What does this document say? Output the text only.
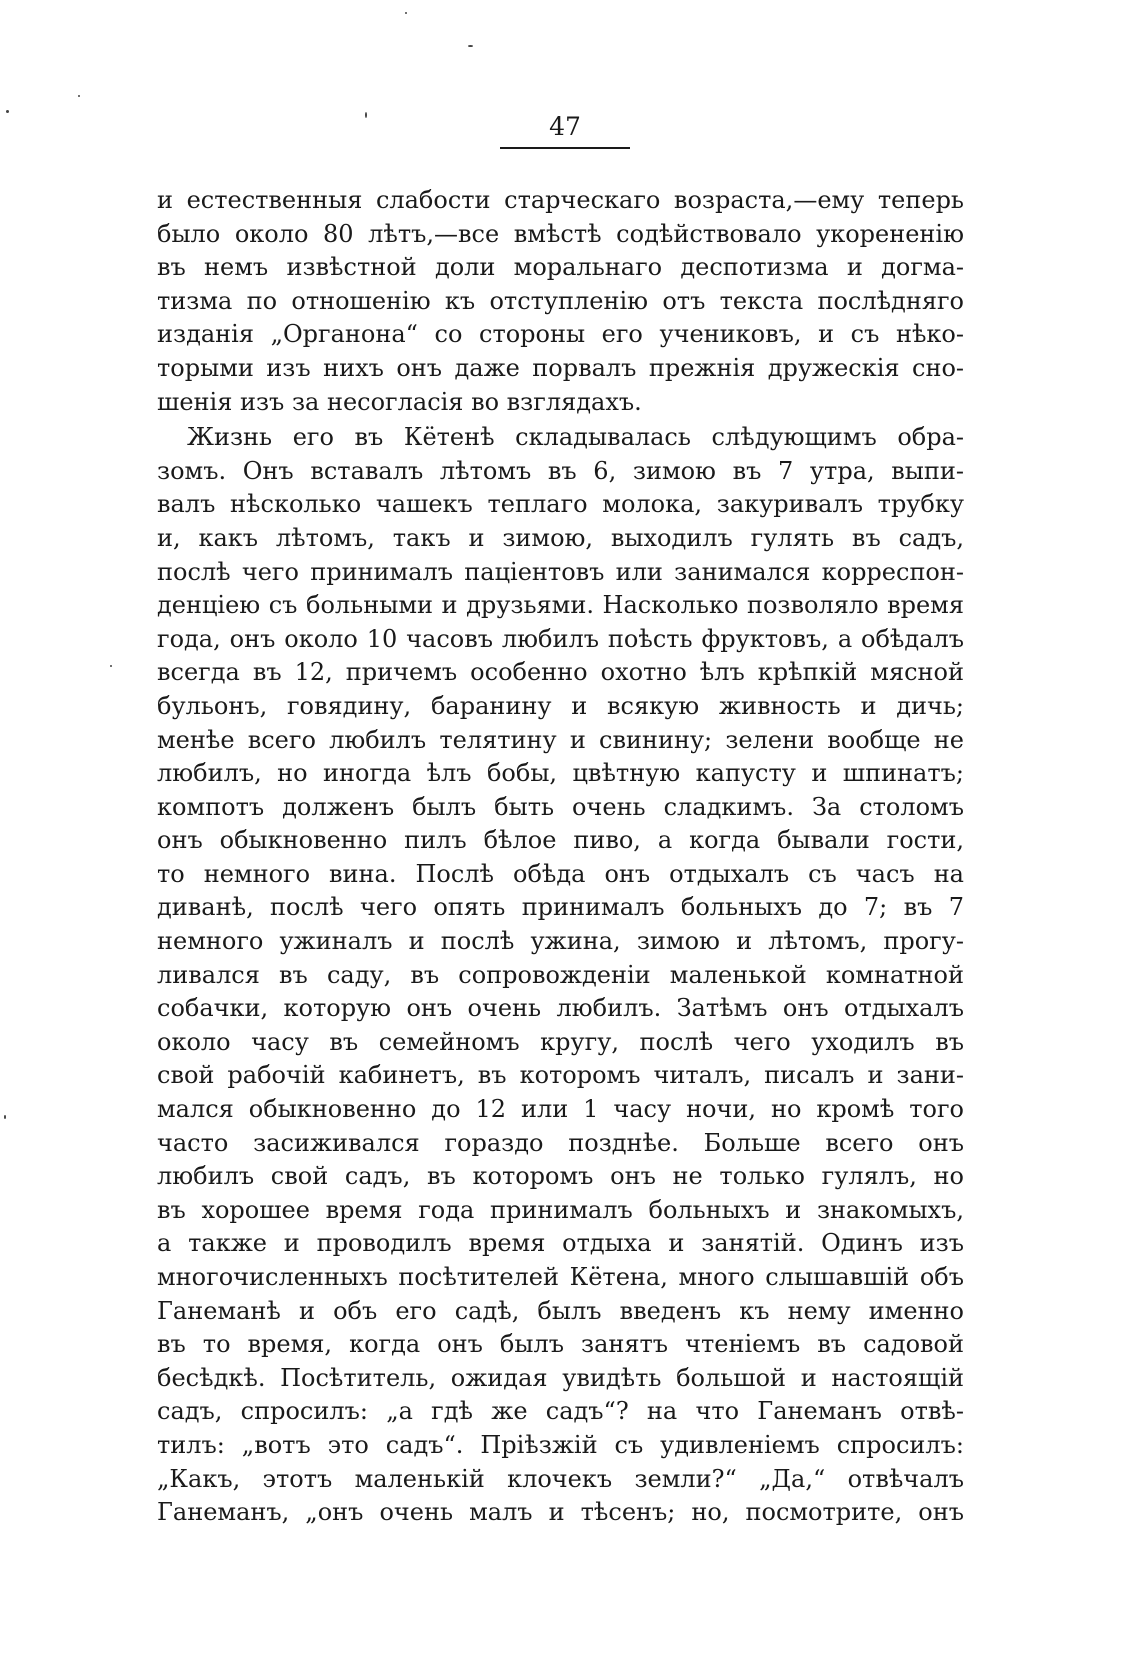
47
и естественныя слабости старческаго возраста,—ему теперь
было около 80 лѣтъ,—все вмѣстѣ содѣйствовало укорененію
въ немъ извѣстной доли моральнаго деспотизма и догма-
тизма по отношенію къ отступленію отъ текста послѣдняго
изданія „Органона“ со стороны его учениковъ, и съ нѣко-
торыми изъ нихъ онъ даже порвалъ прежнія дружескія сно-
шенія изъ за несогласія во взглядахъ.
Жизнь его въ Кётенѣ складывалась слѣдующимъ обра-
зомъ. Онъ вставалъ лѣтомъ въ 6, зимою въ 7 утра, выпи-
валъ нѣсколько чашекъ теплаго молока, закуривалъ трубку
и, какъ лѣтомъ, такъ и зимою, выходилъ гулять въ садъ,
послѣ чего принималъ паціентовъ или занимался корреспон-
денціею съ больными и друзьями. Насколько позволяло время
года, онъ около 10 часовъ любилъ поѣсть фруктовъ, а обѣдалъ
всегда въ 12, причемъ особенно охотно ѣлъ крѣпкій мясной
бульонъ, говядину, баранину и всякую живность и дичь;
менѣе всего любилъ телятину и свинину; зелени вообще не
любилъ, но иногда ѣлъ бобы, цвѣтную капусту и шпинатъ;
компотъ долженъ былъ быть очень сладкимъ. За столомъ
онъ обыкновенно пилъ бѣлое пиво, а когда бывали гости,
то немного вина. Послѣ обѣда онъ отдыхалъ съ часъ на
диванѣ, послѣ чего опять принималъ больныхъ до 7; въ 7
немного ужиналъ и послѣ ужина, зимою и лѣтомъ, прогу-
ливался въ саду, въ сопровожденіи маленькой комнатной
собачки, которую онъ очень любилъ. Затѣмъ онъ отдыхалъ
около часу въ семейномъ кругу, послѣ чего уходилъ въ
свой рабочій кабинетъ, въ которомъ читалъ, писалъ и зани-
мался обыкновенно до 12 или 1 часу ночи, но кромѣ того
часто засиживался гораздо позднѣе. Больше всего онъ
любилъ свой садъ, въ которомъ онъ не только гулялъ, но
въ хорошее время года принималъ больныхъ и знакомыхъ,
а также и проводилъ время отдыха и занятій. Одинъ изъ
многочисленныхъ посѣтителей Кётена, много слышавшій объ
Ганеманѣ и объ его садѣ, былъ введенъ къ нему именно
въ то время, когда онъ былъ занятъ чтеніемъ въ садовой
бесѣдкѣ. Посѣтитель, ожидая увидѣть большой и настоящій
садъ, спросилъ: „а гдѣ же садъ“? на что Ганеманъ отвѣ-
тилъ: „вотъ это садъ“. Пріѣзжій съ удивленіемъ спросилъ:
„Какъ, этотъ маленькій клочекъ земли?“ „Да,“ отвѣчалъ
Ганеманъ, „онъ очень малъ и тѣсенъ; но, посмотрите, онъ
